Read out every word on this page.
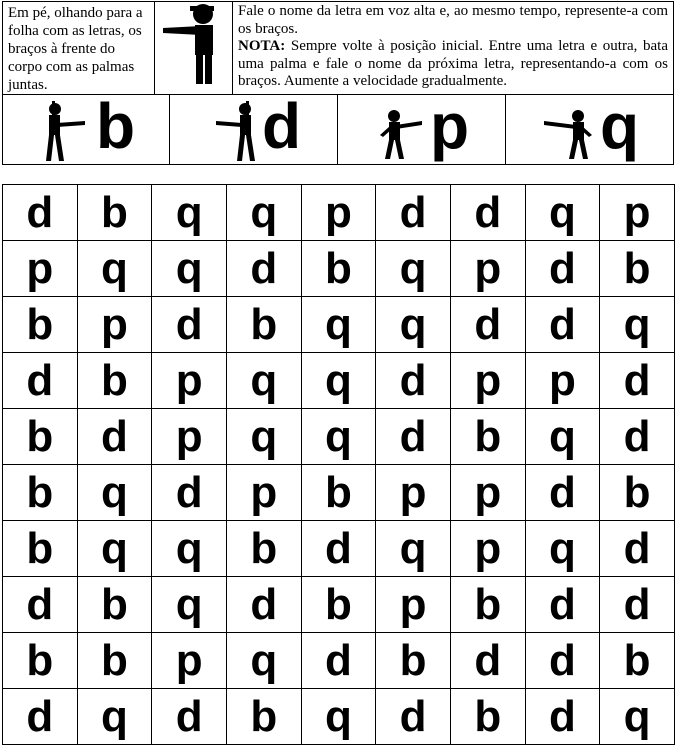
Em pé, olhando para a folha com as letras, os braços à frente do corpo com as palmas juntas.
Fale o nome da letra em voz alta e, ao mesmo tempo, represente-a com os braços.
NOTA: Sempre volte à posição inicial. Entre uma letra e outra, bata uma palma e fale o nome da próxima letra, representando-a com os braços. Aumente a velocidade gradualmente.
b d p q
d	b	q	q	p	d	d	q	p
p	q	q	d	b	q	p	d	b
b	p	d	b	q	q	d	d	q
d	b	p	q	q	d	p	p	d
b	d	p	q	q	d	b	q	d
b	q	d	p	b	p	p	d	b
b	q	q	b	d	q	p	q	d
d	b	q	d	b	p	b	d	d
b	b	p	q	d	b	d	d	b
d	q	d	b	q	d	b	d	q
